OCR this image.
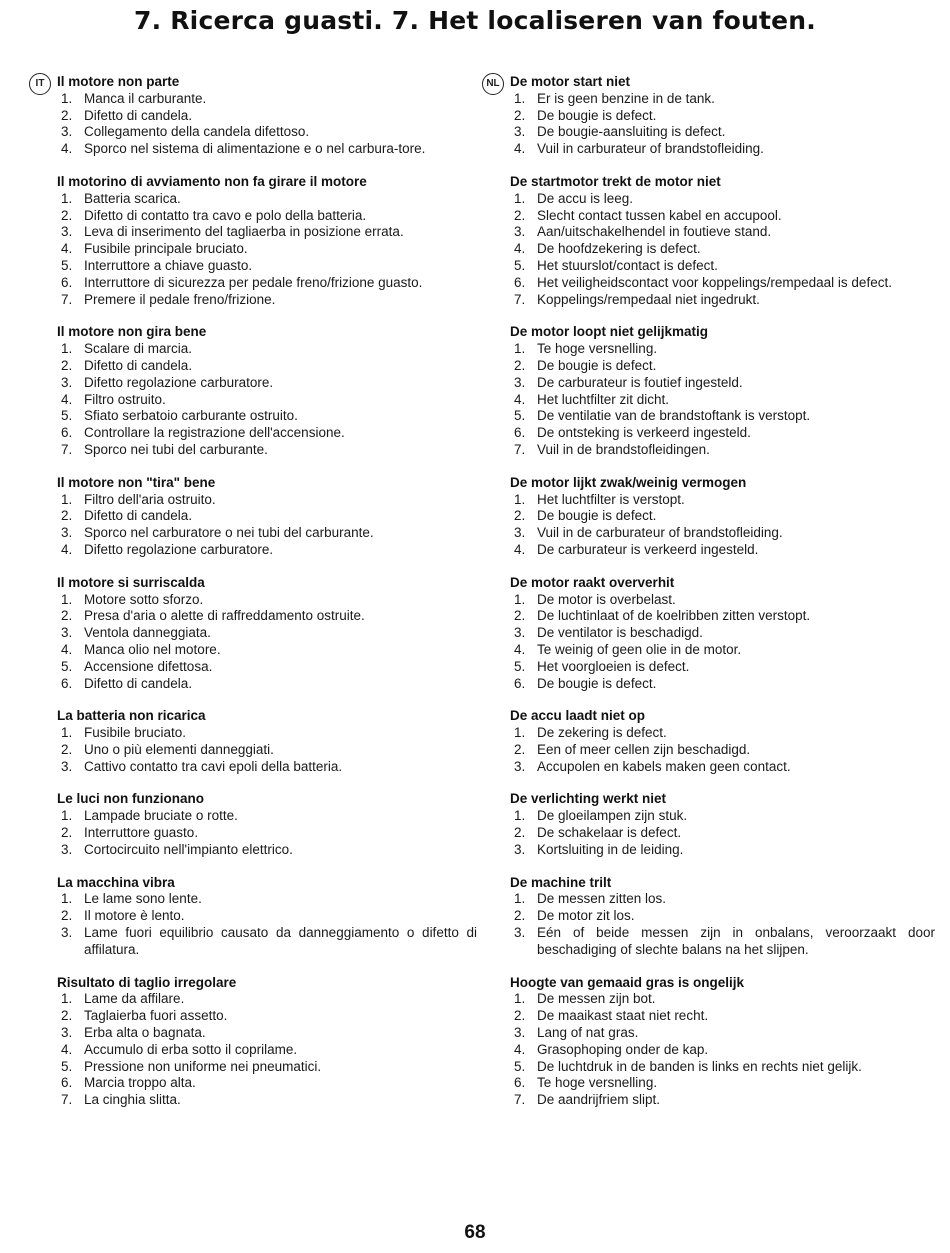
7. Ricerca guasti. 7. Het localiseren van fouten.
IT Il motore non parte
1. Manca il carburante.
2. Difetto di candela.
3. Collegamento della candela difettoso.
4. Sporco nel sistema di alimentazione e o nel carbura-tore.
Il motorino di avviamento non fa girare il motore
1. Batteria scarica.
2. Difetto di contatto tra cavo e polo della batteria.
3. Leva di inserimento del tagliaerba in posizione errata.
4. Fusibile principale bruciato.
5. Interruttore a chiave guasto.
6. Interruttore di sicurezza per pedale freno/frizione guasto.
7. Premere il pedale freno/frizione.
Il motore non gira bene
1. Scalare di marcia.
2. Difetto di candela.
3. Difetto regolazione carburatore.
4. Filtro ostruito.
5. Sfiato serbatoio carburante ostruito.
6. Controllare la registrazione dell'accensione.
7. Sporco nei tubi del carburante.
Il motore non "tira" bene
1. Filtro dell'aria ostruito.
2. Difetto di candela.
3. Sporco nel carburatore o nei tubi del carburante.
4. Difetto regolazione carburatore.
Il motore si surriscalda
1. Motore sotto sforzo.
2. Presa d'aria o alette di raffreddamento ostruite.
3. Ventola danneggiata.
4. Manca olio nel motore.
5. Accensione difettosa.
6. Difetto di candela.
La batteria non ricarica
1. Fusibile bruciato.
2. Uno o più elementi danneggiati.
3. Cattivo contatto tra cavi epoli della batteria.
Le luci non funzionano
1. Lampade bruciate o rotte.
2. Interruttore guasto.
3. Cortocircuito nell'impianto elettrico.
La macchina vibra
1. Le lame sono lente.
2. Il motore è lento.
3. Lame fuori equilibrio causato da danneggiamento o difetto di affilatura.
Risultato di taglio irregolare
1. Lame da affilare.
2. Taglaierba fuori assetto.
3. Erba alta o bagnata.
4. Accumulo di erba sotto il coprilame.
5. Pressione non uniforme nei pneumatici.
6. Marcia troppo alta.
7. La cinghia slitta.
NL De motor start niet
1. Er is geen benzine in de tank.
2. De bougie is defect.
3. De bougie-aansluiting is defect.
4. Vuil in carburateur of brandstofleiding.
De startmotor trekt de motor niet
1. De accu is leeg.
2. Slecht contact tussen kabel en accupool.
3. Aan/uitschakelhendel in foutieve stand.
4. De hoofdzekering is defect.
5. Het stuurslot/contact is defect.
6. Het veiligheidscontact voor koppelings/rempedaal is defect.
7. Koppelings/rempedaal niet ingedrukt.
De motor loopt niet gelijkmatig
1. Te hoge versnelling.
2. De bougie is defect.
3. De carburateur is foutief ingesteld.
4. Het luchtfilter zit dicht.
5. De ventilatie van de brandstoftank is verstopt.
6. De ontsteking is verkeerd ingesteld.
7. Vuil in de brandstofleidingen.
De motor lijkt zwak/weinig vermogen
1. Het luchtfilter is verstopt.
2. De bougie is defect.
3. Vuil in de carburateur of brandstofleiding.
4. De carburateur is verkeerd ingesteld.
De motor raakt oververhit
1. De motor is overbelast.
2. De luchtinlaat of de koelribben zitten verstopt.
3. De ventilator is beschadigd.
4. Te weinig of geen olie in de motor.
5. Het voorgloeien is defect.
6. De bougie is defect.
De accu laadt niet op
1. De zekering is defect.
2. Een of meer cellen zijn beschadigd.
3. Accupolen en kabels maken geen contact.
De verlichting werkt niet
1. De gloeilampen zijn stuk.
2. De schakelaar is defect.
3. Kortsluiting in de leiding.
De machine trilt
1. De messen zitten los.
2. De motor zit los.
3. Eén of beide messen zijn in onbalans, veroorzaakt door beschadiging of slechte balans na het slijpen.
Hoogte van gemaaid gras is ongelijk
1. De messen zijn bot.
2. De maaikast staat niet recht.
3. Lang of nat gras.
4. Grasophoping onder de kap.
5. De luchtdruk in de banden is links en rechts niet gelijk.
6. Te hoge versnelling.
7. De aandrijfriem slipt.
68
